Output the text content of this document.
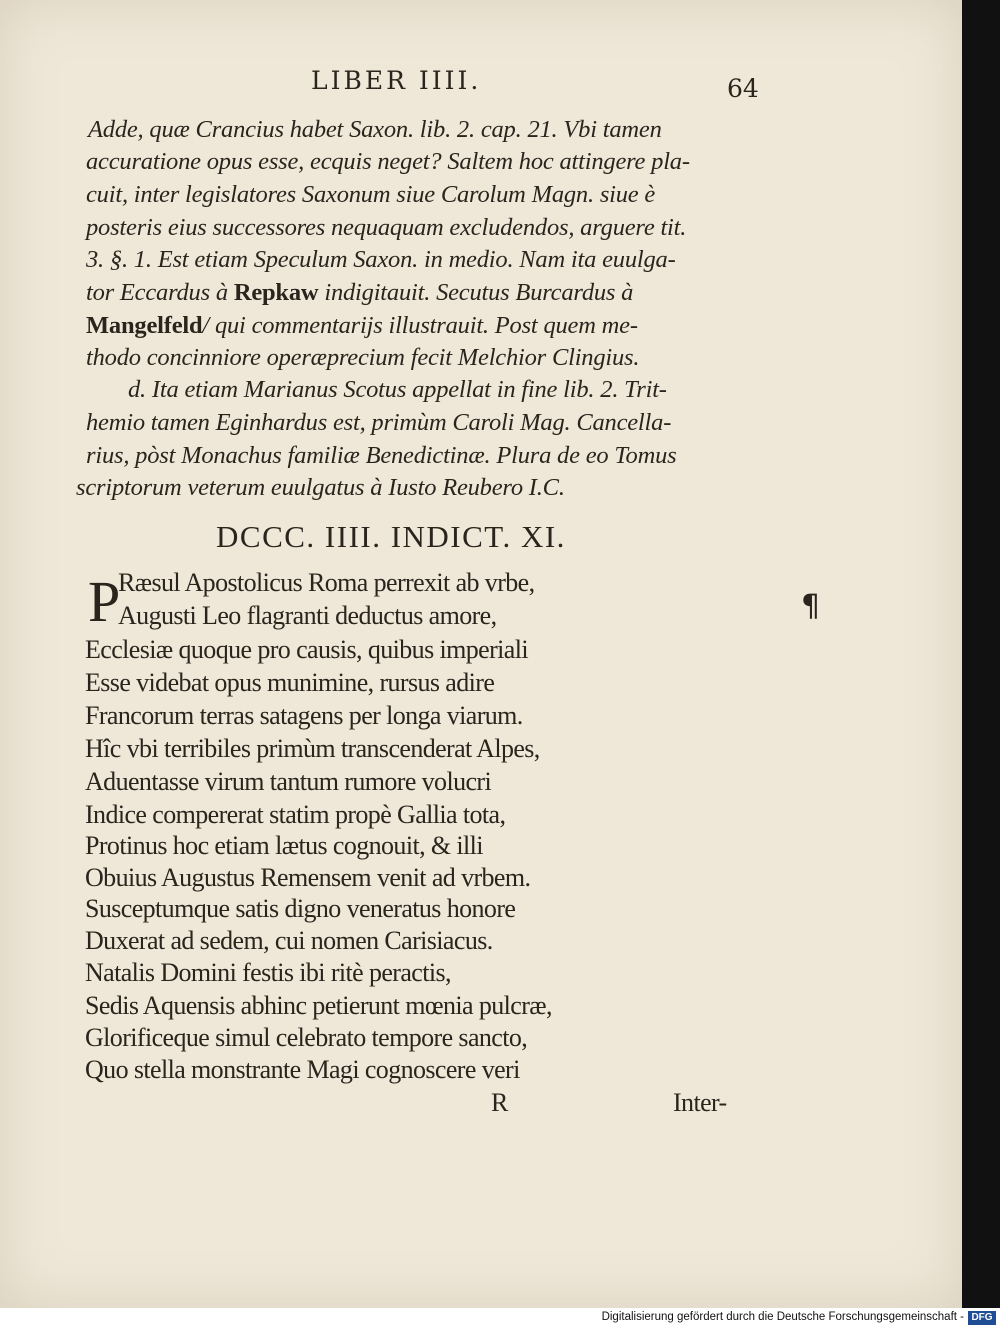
LIBER IIII.	64
Adde, quæ Crancius habet Saxon. lib. 2. cap. 21. Vbi tamen
accuratione opus esse, ecquis neget? Saltem hoc attingere pla-
cuit, inter legislatores Saxonum siue Carolum Magn. siue è
posteris eius successores nequaquam excludendos, arguere tit.
3. §. 1. Est etiam Speculum Saxon. in medio. Nam ita euulga-
tor Eccardus à Repkaw indigitauit. Secutus Burcardus à
Mangelfeld/ qui commentarijs illustrauit. Post quem me-
thodo concinniore operæprecium fecit Melchior Clingius.
d. Ita etiam Marianus Scotus appellat in fine lib. 2. Trit-
hemio tamen Eginhardus est, primùm Caroli Mag. Cancella-
rius, pòst Monachus familiæ Benedictinæ. Plura de eo Tomus
scriptorum veterum euulgatus à Iusto Reubero I.C.
DCCC. IIII. INDICT. XI.
P	¶
Ræsul Apostolicus Roma perrexit ab vrbe,
Augusti Leo flagranti deductus amore,
Ecclesiæ quoque pro causis, quibus imperiali
Esse videbat opus munimine, rursus adire
Francorum terras satagens per longa viarum.
Hîc vbi terribiles primùm transcenderat Alpes,
Aduentasse virum tantum rumore volucri
Indice compererat statim propè Gallia tota,
Protinus hoc etiam lætus cognouit, & illi
Obuius Augustus Remensem venit ad vrbem.
Susceptumque satis digno veneratus honore
Duxerat ad sedem, cui nomen Carisiacus.
Natalis Domini festis ibi ritè peractis,
Sedis Aquensis abhinc petierunt mœnia pulcræ,
Glorificeque simul celebrato tempore sancto,
Quo stella monstrante Magi cognoscere veri
R	Inter-
Digitalisierung gefördert durch die Deutsche Forschungsgemeinschaft - DFG
